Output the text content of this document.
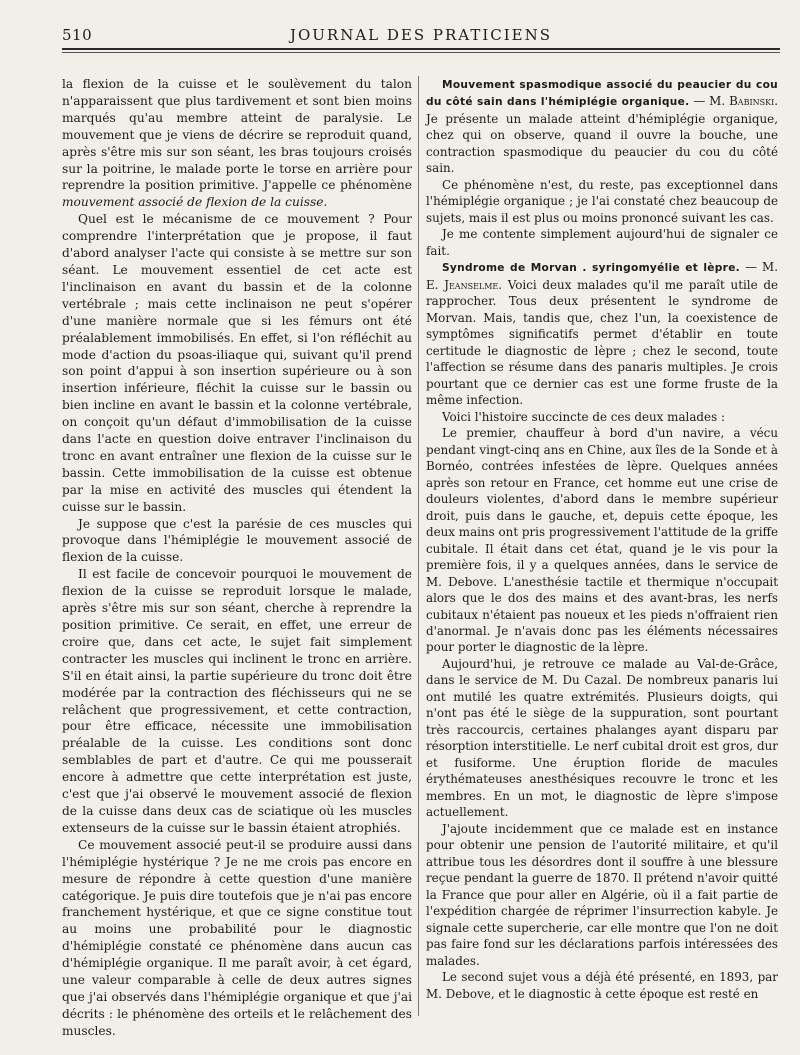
510	JOURNAL DES PRATICIENS

la flexion de la cuisse et le soulèvement du talon n'apparaissent que plus tardivement et sont bien moins marqués qu'au membre atteint de paralysie. Le mouvement que je viens de décrire se reproduit quand, après s'être mis sur son séant, les bras toujours croisés sur la poitrine, le malade porte le torse en arrière pour reprendre la position primitive. J'appelle ce phénomène mouvement associé de flexion de la cuisse.

Quel est le mécanisme de ce mouvement ? Pour comprendre l'interprétation que je propose, il faut d'abord analyser l'acte qui consiste à se mettre sur son séant. Le mouvement essentiel de cet acte est l'inclinaison en avant du bassin et de la colonne vertébrale ; mais cette inclinaison ne peut s'opérer d'une manière normale que si les fémurs ont été préalablement immobilisés. En effet, si l'on réfléchit au mode d'action du psoas-iliaque qui, suivant qu'il prend son point d'appui à son insertion supérieure ou à son insertion inférieure, fléchit la cuisse sur le bassin ou bien incline en avant le bassin et la colonne vertébrale, on conçoit qu'un défaut d'immobilisation de la cuisse dans l'acte en question doive entraver l'inclinaison du tronc en avant entraîner une flexion de la cuisse sur le bassin. Cette immobilisation de la cuisse est obtenue par la mise en activité des muscles qui étendent la cuisse sur le bassin.

Je suppose que c'est la parésie de ces muscles qui provoque dans l'hémiplégie le mouvement associé de flexion de la cuisse.

Il est facile de concevoir pourquoi le mouvement de flexion de la cuisse se reproduit lorsque le malade, après s'être mis sur son séant, cherche à reprendre la position primitive. Ce serait, en effet, une erreur de croire que, dans cet acte, le sujet fait simplement contracter les muscles qui inclinent le tronc en arrière. S'il en était ainsi, la partie supérieure du tronc doit être modérée par la contraction des fléchisseurs qui ne se relâchent que progressivement, et cette contraction, pour être efficace, nécessite une immobilisation préalable de la cuisse. Les conditions sont donc semblables de part et d'autre. Ce qui me pousserait encore à admettre que cette interprétation est juste, c'est que j'ai observé le mouvement associé de flexion de la cuisse dans deux cas de sciatique où les muscles extenseurs de la cuisse sur le bassin étaient atrophiés.

Ce mouvement associé peut-il se produire aussi dans l'hémiplégie hystérique ? Je ne me crois pas encore en mesure de répondre à cette question d'une manière catégorique. Je puis dire toutefois que je n'ai pas encore franchement hystérique, et que ce signe constitue tout au moins une probabilité pour le diagnostic d'hémiplégie constaté ce phénomène dans aucun cas d'hémiplégie organique. Il me paraît avoir, à cet égard, une valeur comparable à celle de deux autres signes que j'ai observés dans l'hémiplégie organique et que j'ai décrits : le phénomène des orteils et le relâchement des muscles.

Mouvement spasmodique associé du peaucier du cou du côté sain dans l'hémiplégie organique. — M. Babinski. Je présente un malade atteint d'hémiplégie organique, chez qui on observe, quand il ouvre la bouche, une contraction spasmodique du peaucier du cou du côté sain.

Ce phénomène n'est, du reste, pas exceptionnel dans l'hémiplégie organique ; je l'ai constaté chez beaucoup de sujets, mais il est plus ou moins prononcé suivant les cas.

Je me contente simplement aujourd'hui de signaler ce fait.

Syndrome de Morvan . syringomyélie et lèpre. — M. E. Jeanselme. Voici deux malades qu'il me paraît utile de rapprocher. Tous deux présentent le syndrome de Morvan. Mais, tandis que, chez l'un, la coexistence de symptômes significatifs permet d'établir en toute certitude le diagnostic de lèpre ; chez le second, toute l'affection se résume dans des panaris multiples. Je crois pourtant que ce dernier cas est une forme fruste de la même infection.

Voici l'histoire succincte de ces deux malades :

Le premier, chauffeur à bord d'un navire, a vécu pendant vingt-cinq ans en Chine, aux îles de la Sonde et à Bornéo, contrées infestées de lèpre. Quelques années après son retour en France, cet homme eut une crise de douleurs violentes, d'abord dans le membre supérieur droit, puis dans le gauche, et, depuis cette époque, les deux mains ont pris progressivement l'attitude de la griffe cubitale. Il était dans cet état, quand je le vis pour la première fois, il y a quelques années, dans le service de M. Debove. L'anesthésie tactile et thermique n'occupait alors que le dos des mains et des avant-bras, les nerfs cubitaux n'étaient pas noueux et les pieds n'offraient rien d'anormal. Je n'avais donc pas les éléments nécessaires pour porter le diagnostic de la lèpre.

Aujourd'hui, je retrouve ce malade au Val-de-Grâce, dans le service de M. Du Cazal. De nombreux panaris lui ont mutilé les quatre extrémités. Plusieurs doigts, qui n'ont pas été le siège de la suppuration, sont pourtant très raccourcis, certaines phalanges ayant disparu par résorption interstitielle. Le nerf cubital droit est gros, dur et fusiforme. Une éruption floride de macules érythémateuses anesthésiques recouvre le tronc et les membres. En un mot, le diagnostic de lèpre s'impose actuellement.

J'ajoute incidemment que ce malade est en instance pour obtenir une pension de l'autorité militaire, et qu'il attribue tous les désordres dont il souffre à une blessure reçue pendant la guerre de 1870. Il prétend n'avoir quitté la France que pour aller en Algérie, où il a fait partie de l'expédition chargée de réprimer l'insurrection kabyle. Je signale cette supercherie, car elle montre que l'on ne doit pas faire fond sur les déclarations parfois intéressées des malades.

Le second sujet vous a déjà été présenté, en 1893, par M. Debove, et le diagnostic à cette époque est resté en
